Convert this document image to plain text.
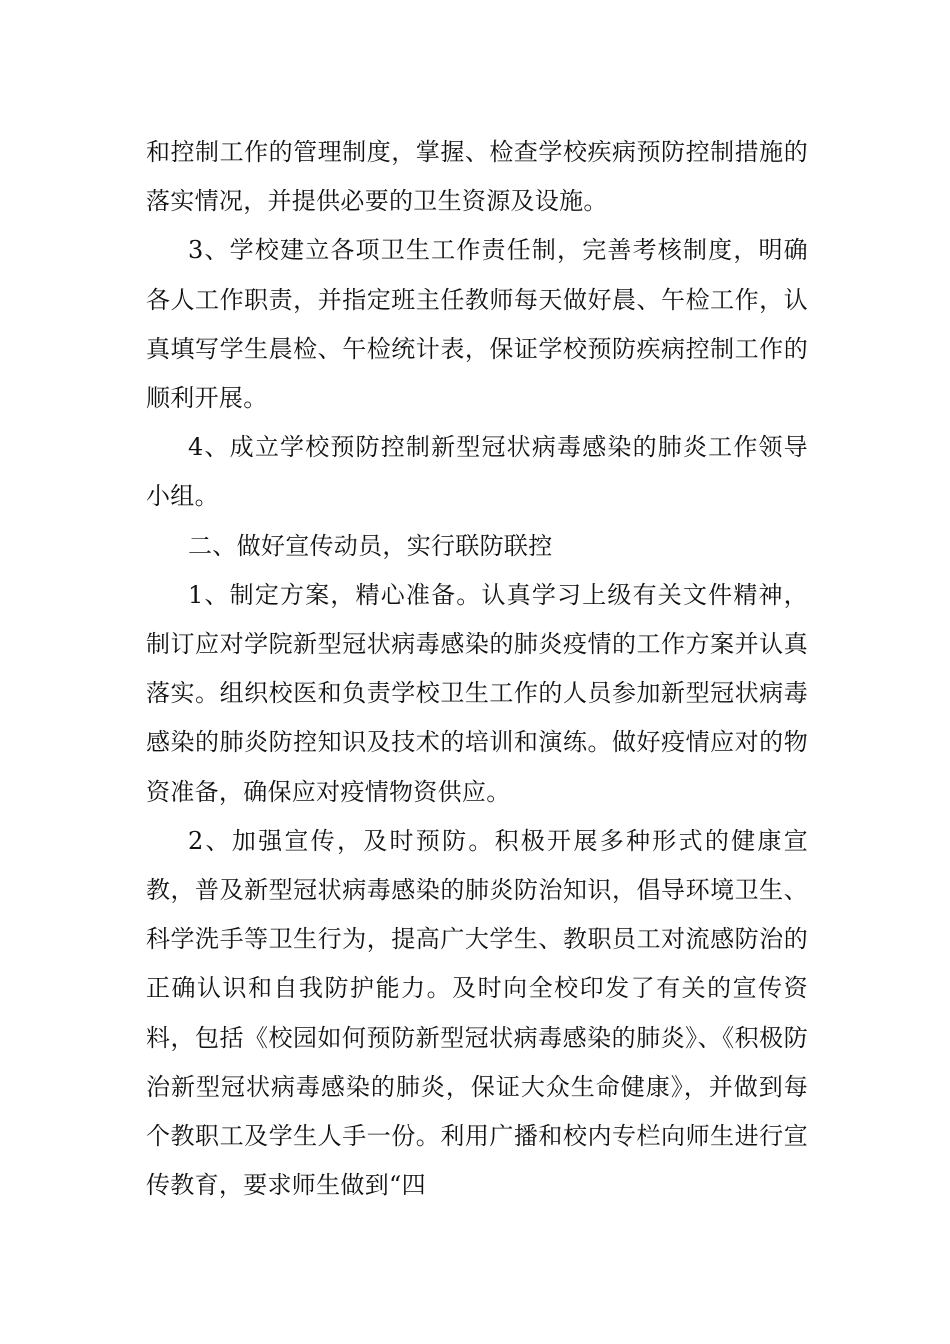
和控制工作的管理制度，掌握、检查学校疾病预防控制措施的落实情况，并提供必要的卫生资源及设施。

3、学校建立各项卫生工作责任制，完善考核制度，明确各人工作职责，并指定班主任教师每天做好晨、午检工作，认真填写学生晨检、午检统计表，保证学校预防疾病控制工作的顺利开展。

4、成立学校预防控制新型冠状病毒感染的肺炎工作领导小组。

二、做好宣传动员，实行联防联控

1、制定方案，精心准备。认真学习上级有关文件精神，制订应对学院新型冠状病毒感染的肺炎疫情的工作方案并认真落实。组织校医和负责学校卫生工作的人员参加新型冠状病毒感染的肺炎防控知识及技术的培训和演练。做好疫情应对的物资准备，确保应对疫情物资供应。

2、加强宣传，及时预防。积极开展多种形式的健康宣教，普及新型冠状病毒感染的肺炎防治知识，倡导环境卫生、科学洗手等卫生行为，提高广大学生、教职员工对流感防治的正确认识和自我防护能力。及时向全校印发了有关的宣传资料，包括《校园如何预防新型冠状病毒感染的肺炎》、《积极防治新型冠状病毒感染的肺炎，保证大众生命健康》，并做到每个教职工及学生人手一份。利用广播和校内专栏向师生进行宣传教育，要求师生做到“四
